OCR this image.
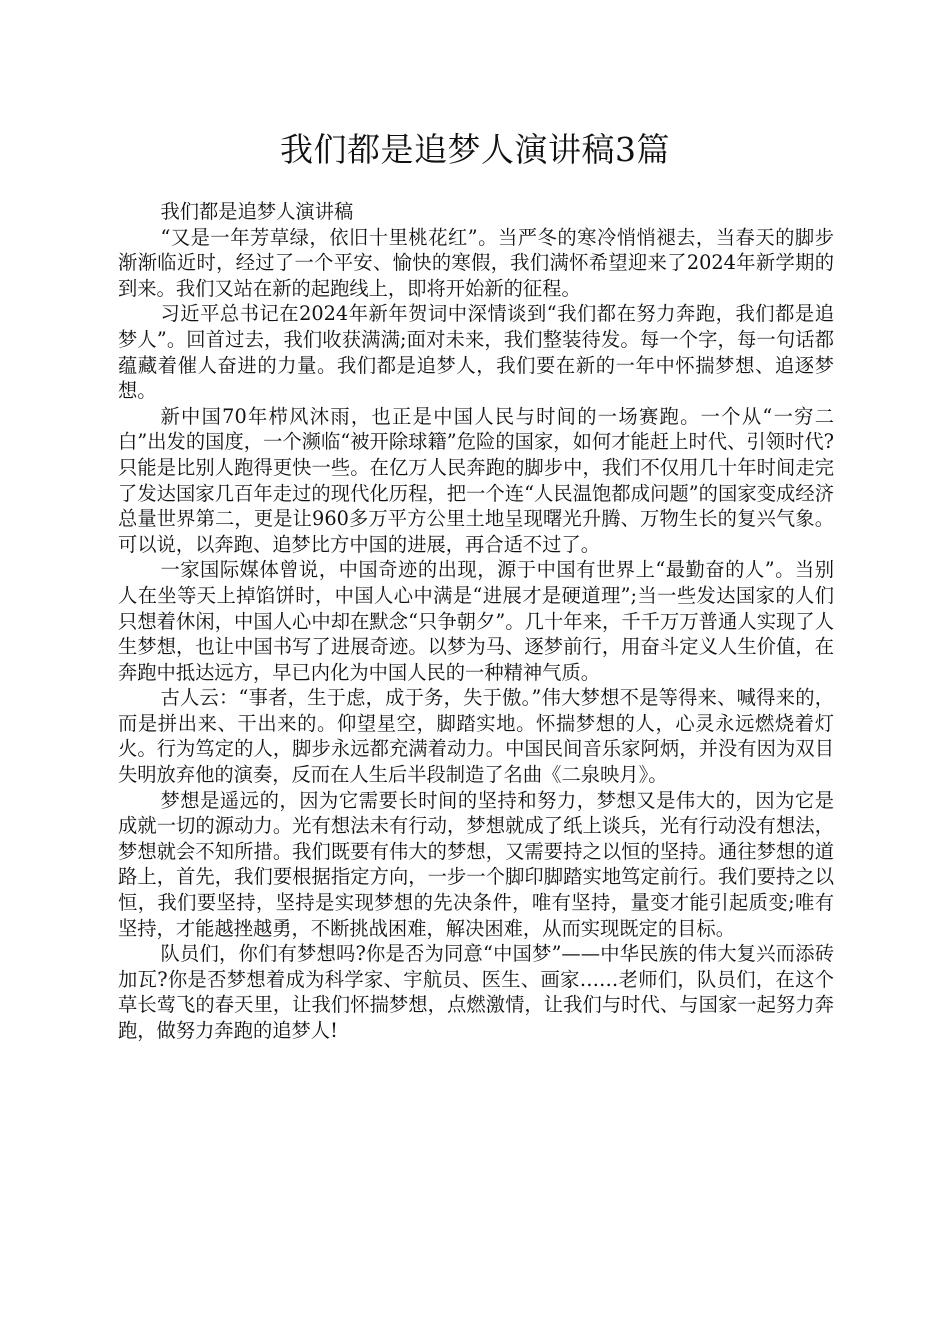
我们都是追梦人演讲稿3篇

我们都是追梦人演讲稿

“又是一年芳草绿，依旧十里桃花红”。当严冬的寒冷悄悄褪去，当春天的脚步渐渐临近时，经过了一个平安、愉快的寒假，我们满怀希望迎来了2024年新学期的到来。我们又站在新的起跑线上，即将开始新的征程。

习近平总书记在2024年新年贺词中深情谈到“我们都在努力奔跑，我们都是追梦人”。回首过去，我们收获满满;面对未来，我们整装待发。每一个字，每一句话都蕴藏着催人奋进的力量。我们都是追梦人，我们要在新的一年中怀揣梦想、追逐梦想。

新中国70年栉风沐雨，也正是中国人民与时间的一场赛跑。一个从“一穷二白”出发的国度，一个濒临“被开除球籍”危险的国家，如何才能赶上时代、引领时代?只能是比别人跑得更快一些。在亿万人民奔跑的脚步中，我们不仅用几十年时间走完了发达国家几百年走过的现代化历程，把一个连“人民温饱都成问题”的国家变成经济总量世界第二，更是让960多万平方公里土地呈现曙光升腾、万物生长的复兴气象。可以说，以奔跑、追梦比方中国的进展，再合适不过了。

一家国际媒体曾说，中国奇迹的出现，源于中国有世界上“最勤奋的人”。当别人在坐等天上掉馅饼时，中国人心中满是“进展才是硬道理”;当一些发达国家的人们只想着休闲，中国人心中却在默念“只争朝夕”。几十年来，千千万万普通人实现了人生梦想，也让中国书写了进展奇迹。以梦为马、逐梦前行，用奋斗定义人生价值，在奔跑中抵达远方，早已内化为中国人民的一种精神气质。

古人云：“事者，生于虑，成于务，失于傲。”伟大梦想不是等得来、喊得来的，而是拼出来、干出来的。仰望星空，脚踏实地。怀揣梦想的人，心灵永远燃烧着灯火。行为笃定的人，脚步永远都充满着动力。中国民间音乐家阿炳，并没有因为双目失明放弃他的演奏，反而在人生后半段制造了名曲《二泉映月》。

梦想是遥远的，因为它需要长时间的坚持和努力，梦想又是伟大的，因为它是成就一切的源动力。光有想法未有行动，梦想就成了纸上谈兵，光有行动没有想法，梦想就会不知所措。我们既要有伟大的梦想，又需要持之以恒的坚持。通往梦想的道路上，首先，我们要根据指定方向，一步一个脚印脚踏实地笃定前行。我们要持之以恒，我们要坚持，坚持是实现梦想的先决条件，唯有坚持，量变才能引起质变;唯有坚持，才能越挫越勇，不断挑战困难，解决困难，从而实现既定的目标。

队员们，你们有梦想吗?你是否为同意“中国梦”——中华民族的伟大复兴而添砖加瓦?你是否梦想着成为科学家、宇航员、医生、画家……老师们，队员们，在这个草长莺飞的春天里，让我们怀揣梦想，点燃激情，让我们与时代、与国家一起努力奔跑，做努力奔跑的追梦人!
